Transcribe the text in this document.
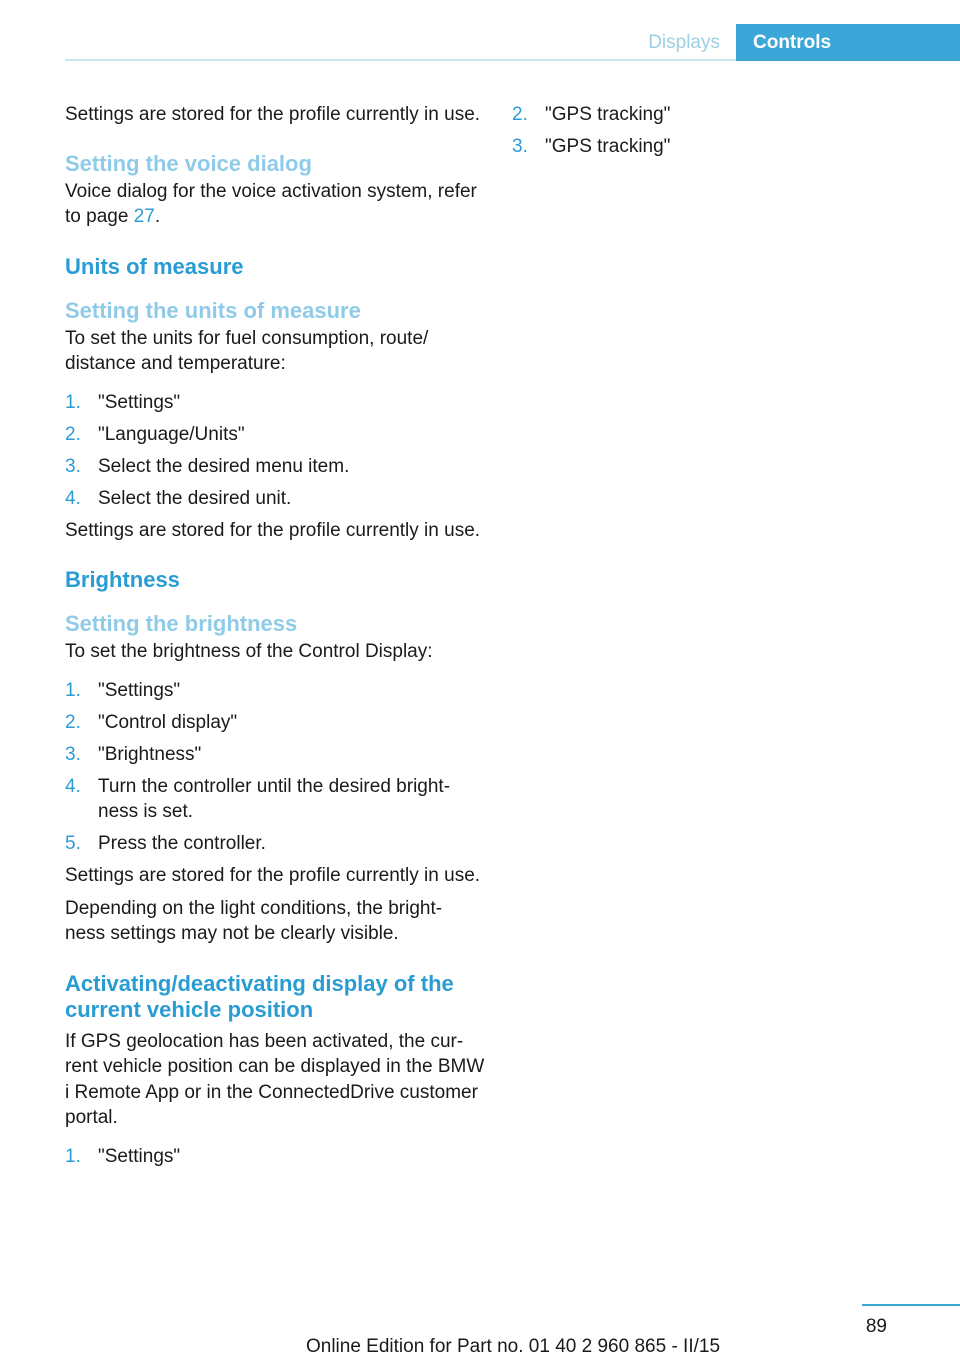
Displays	Controls

Settings are stored for the profile currently in use.

Setting the voice dialog

Voice dialog for the voice activation system, refer to page 27.

Units of measure
Setting the units of measure

To set the units for fuel consumption, route/ distance and temperature:

1. "Settings"
2. "Language/Units"
3. Select the desired menu item.
4. Select the desired unit.

Settings are stored for the profile currently in use.

Brightness
Setting the brightness

To set the brightness of the Control Display:

1. "Settings"
2. "Control display"
3. "Brightness"
4. Turn the controller until the desired bright‐ ness is set.
5. Press the controller.

Settings are stored for the profile currently in use.

Depending on the light conditions, the bright‐ ness settings may not be clearly visible.

Activating/deactivating display of the current vehicle position

If GPS geolocation has been activated, the cur‐ rent vehicle position can be displayed in the BMW i Remote App or in the ConnectedDrive customer portal.

1. "Settings"
2. "GPS tracking"
3. "GPS tracking"
89
Online Edition for Part no. 01 40 2 960 865 - II/15
